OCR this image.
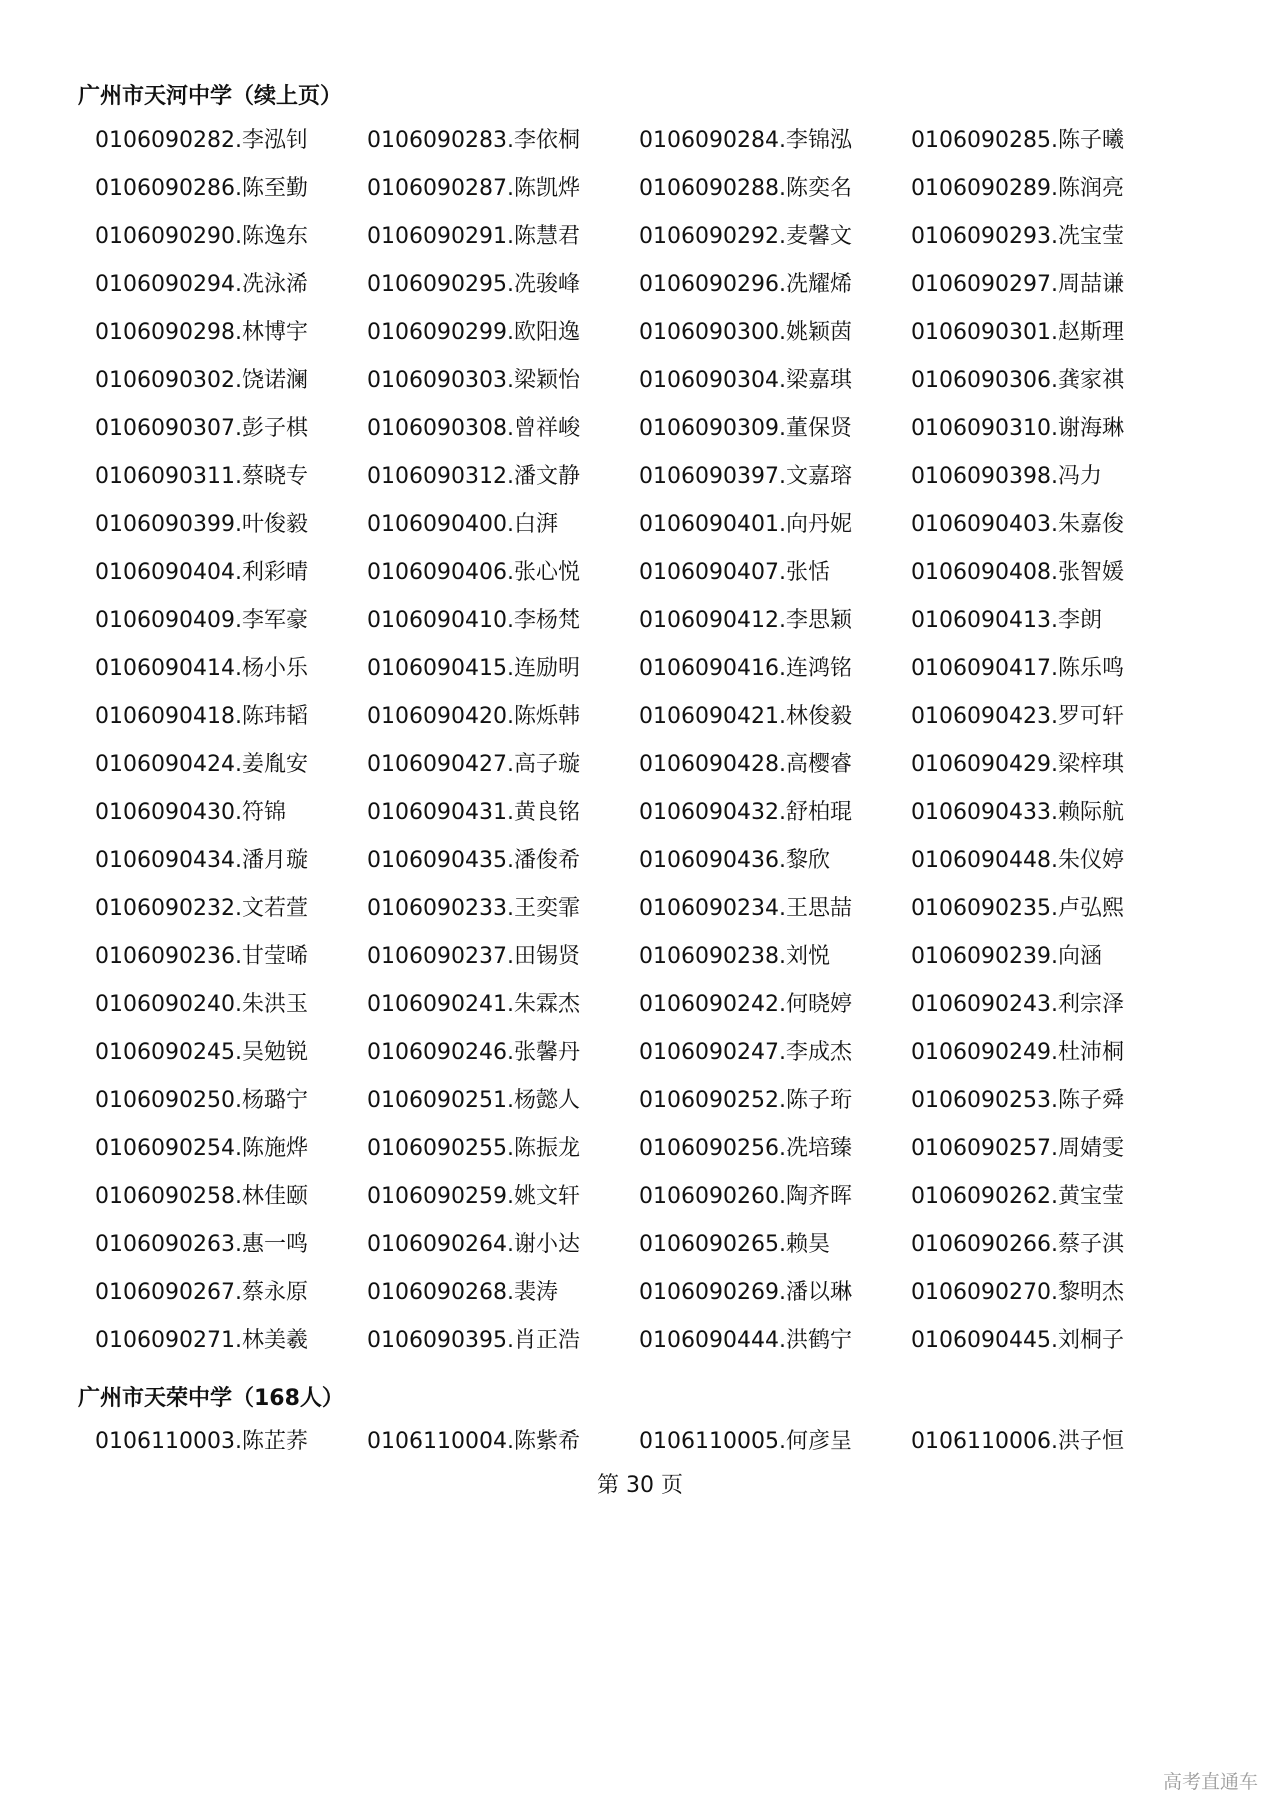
广州市天河中学（续上页）
0106090282.李泓钊	0106090283.李依桐	0106090284.李锦泓	0106090285.陈子曦
0106090286.陈至勤	0106090287.陈凯烨	0106090288.陈奕名	0106090289.陈润亮
0106090290.陈逸东	0106090291.陈慧君	0106090292.麦馨文	0106090293.冼宝莹
0106090294.冼泳浠	0106090295.冼骏峰	0106090296.冼耀烯	0106090297.周喆谦
0106090298.林博宇	0106090299.欧阳逸	0106090300.姚颖茵	0106090301.赵斯理
0106090302.饶诺澜	0106090303.梁颖怡	0106090304.梁嘉琪	0106090306.龚家祺
0106090307.彭子棋	0106090308.曾祥峻	0106090309.董保贤	0106090310.谢海琳
0106090311.蔡晓专	0106090312.潘文静	0106090397.文嘉瑢	0106090398.冯力
0106090399.叶俊毅	0106090400.白湃	0106090401.向丹妮	0106090403.朱嘉俊
0106090404.利彩晴	0106090406.张心悦	0106090407.张恬	0106090408.张智媛
0106090409.李军豪	0106090410.李杨梵	0106090412.李思颖	0106090413.李朗
0106090414.杨小乐	0106090415.连励明	0106090416.连鸿铭	0106090417.陈乐鸣
0106090418.陈玮韬	0106090420.陈烁韩	0106090421.林俊毅	0106090423.罗可轩
0106090424.姜胤安	0106090427.高子璇	0106090428.高樱睿	0106090429.梁梓琪
0106090430.符锦	0106090431.黄良铭	0106090432.舒柏琨	0106090433.赖际航
0106090434.潘月璇	0106090435.潘俊希	0106090436.黎欣	0106090448.朱仪婷
0106090232.文若萱	0106090233.王奕霏	0106090234.王思喆	0106090235.卢弘熙
0106090236.甘莹晞	0106090237.田锡贤	0106090238.刘悦	0106090239.向涵
0106090240.朱洪玉	0106090241.朱霖杰	0106090242.何晓婷	0106090243.利宗泽
0106090245.吴勉锐	0106090246.张馨丹	0106090247.李成杰	0106090249.杜沛桐
0106090250.杨璐宁	0106090251.杨懿人	0106090252.陈子珩	0106090253.陈子舜
0106090254.陈施烨	0106090255.陈振龙	0106090256.冼培臻	0106090257.周婧雯
0106090258.林佳颐	0106090259.姚文轩	0106090260.陶齐晖	0106090262.黄宝莹
0106090263.惠一鸣	0106090264.谢小达	0106090265.赖昊	0106090266.蔡子淇
0106090267.蔡永原	0106090268.裴涛	0106090269.潘以琳	0106090270.黎明杰
0106090271.林美羲	0106090395.肖正浩	0106090444.洪鹤宁	0106090445.刘桐子
广州市天荣中学（168人）
0106110003.陈芷荞	0106110004.陈紫希	0106110005.何彦呈	0106110006.洪子恒
第 30 页
高考直通车
